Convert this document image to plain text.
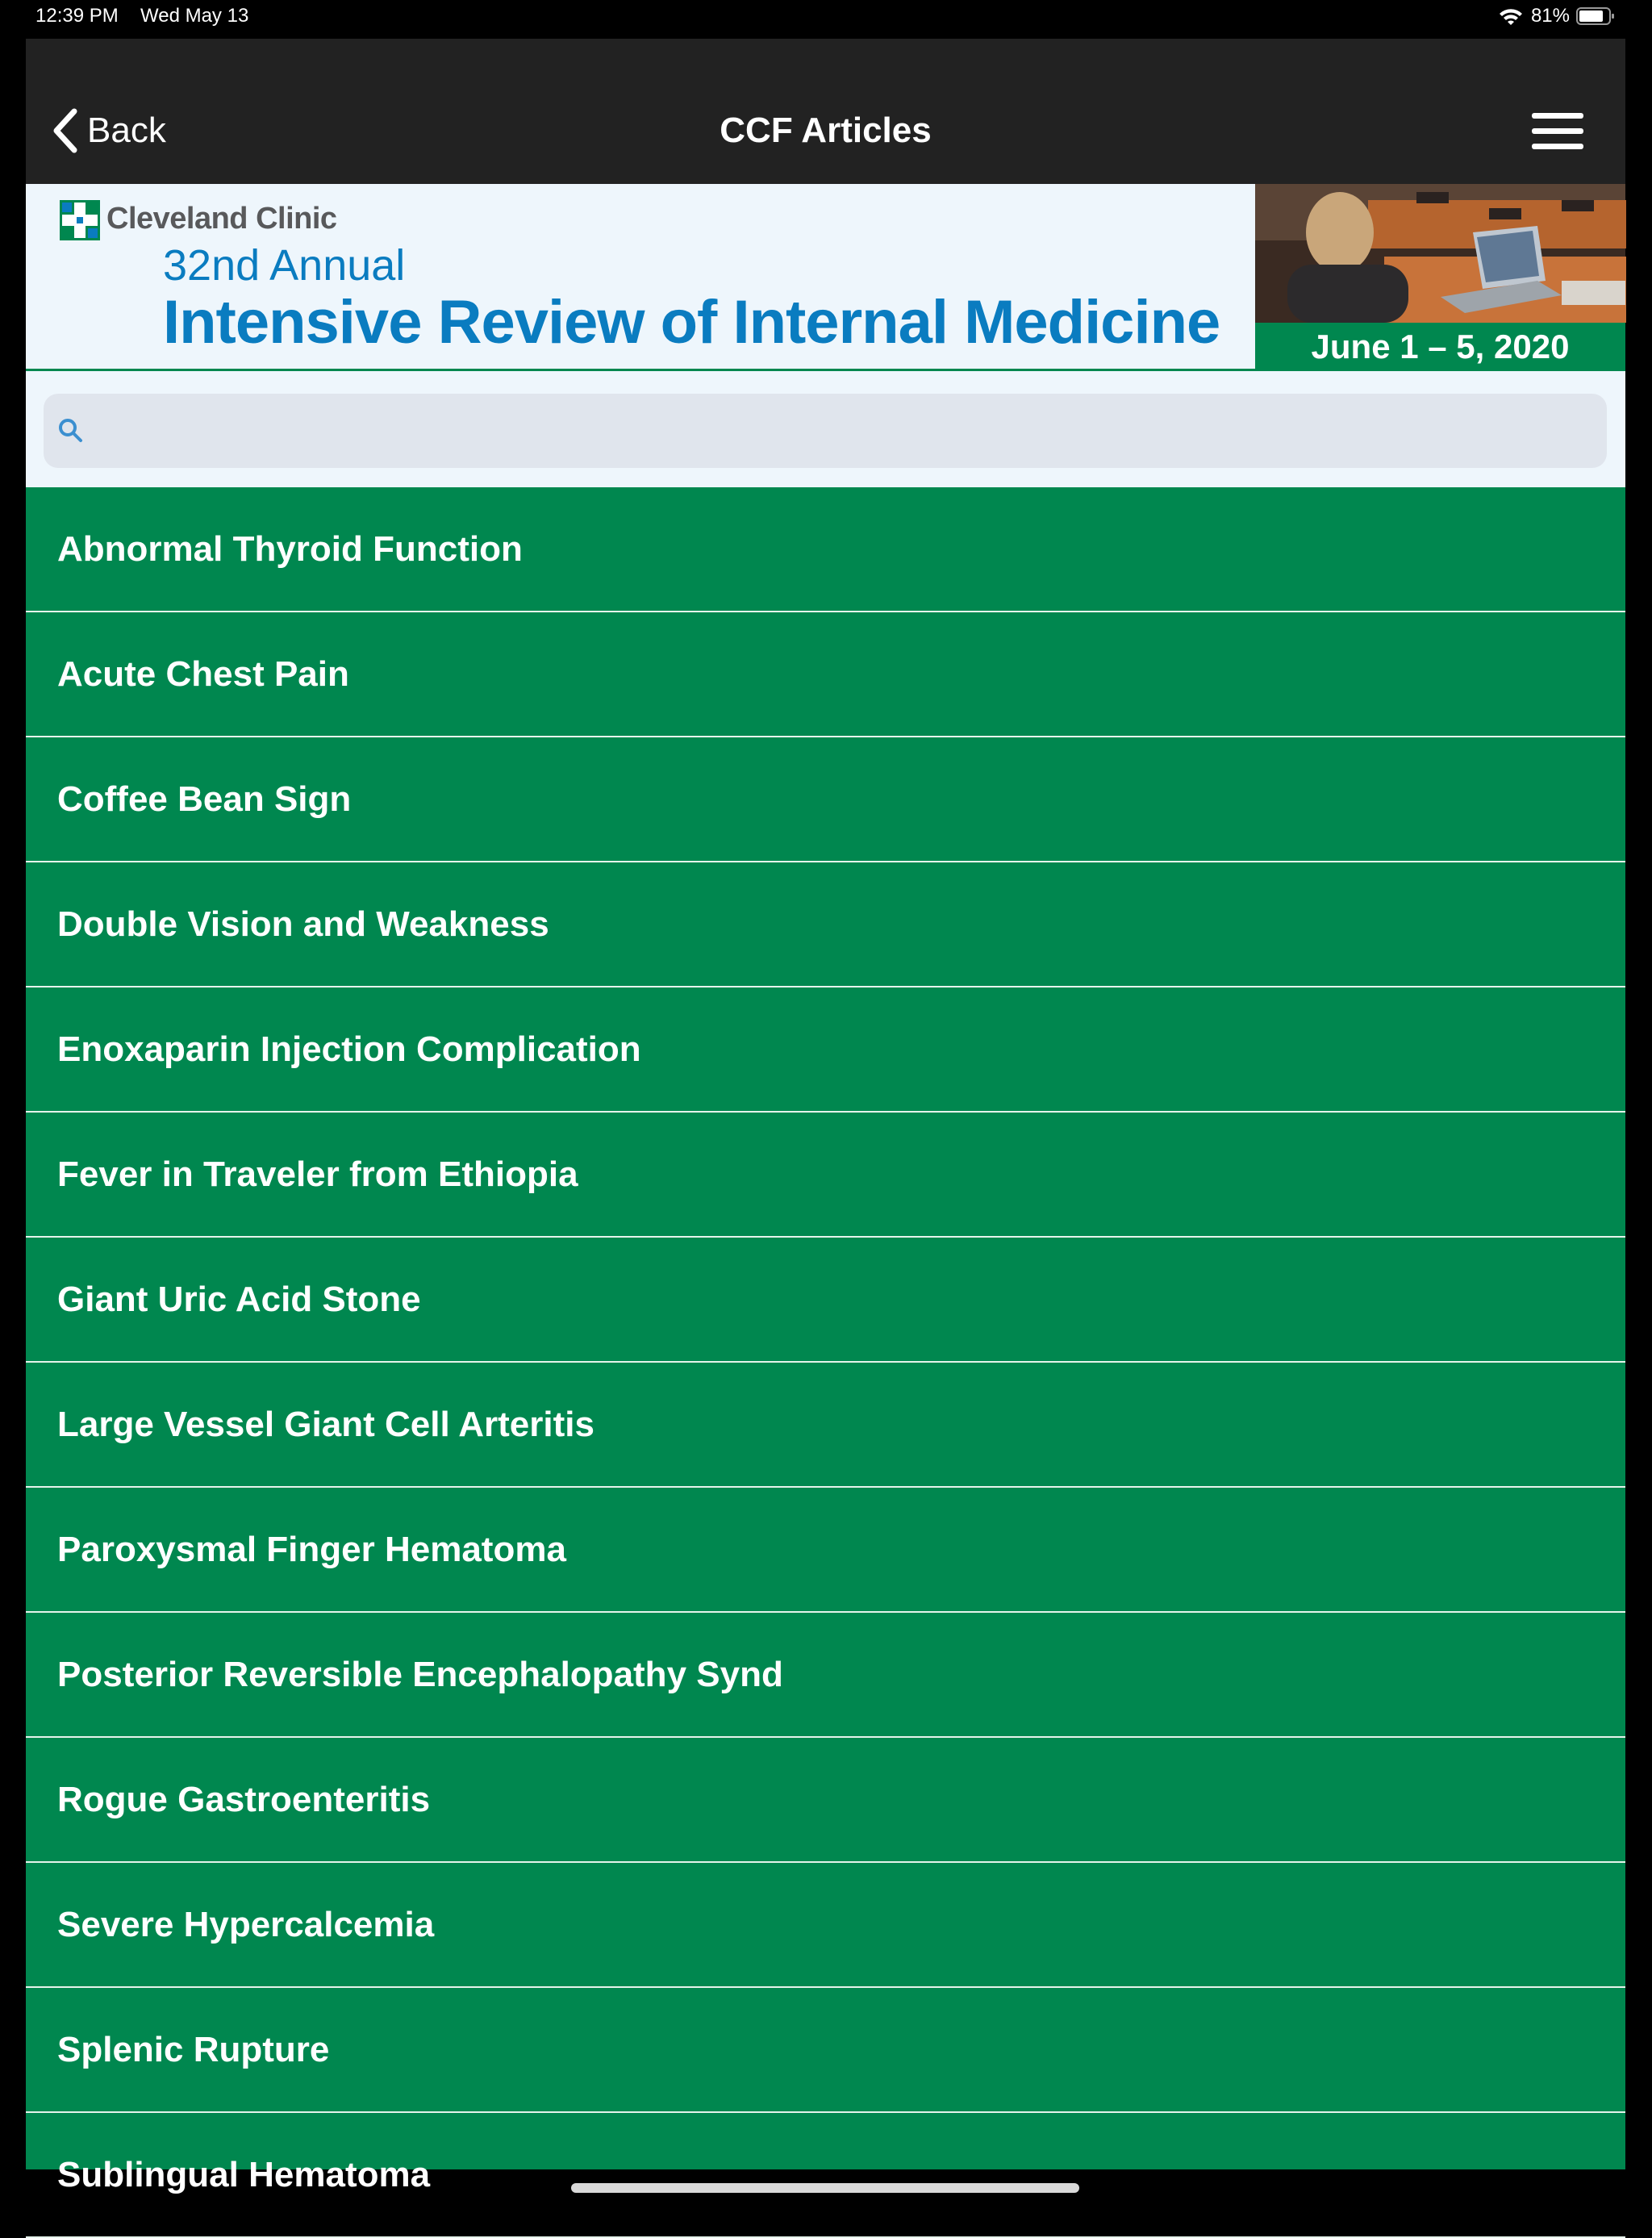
12:39 PM Wed May 13	81%
CCF Articles
Back
Cleveland Clinic
32nd Annual
Intensive Review of Internal Medicine	June 1 – 5, 2020
Abnormal Thyroid Function
Acute Chest Pain
Coffee Bean Sign
Double Vision and Weakness
Enoxaparin Injection Complication
Fever in Traveler from Ethiopia
Giant Uric Acid Stone
Large Vessel Giant Cell Arteritis
Paroxysmal Finger Hematoma
Posterior Reversible Encephalopathy Synd
Rogue Gastroenteritis
Severe Hypercalcemia
Splenic Rupture
Sublingual Hematoma
